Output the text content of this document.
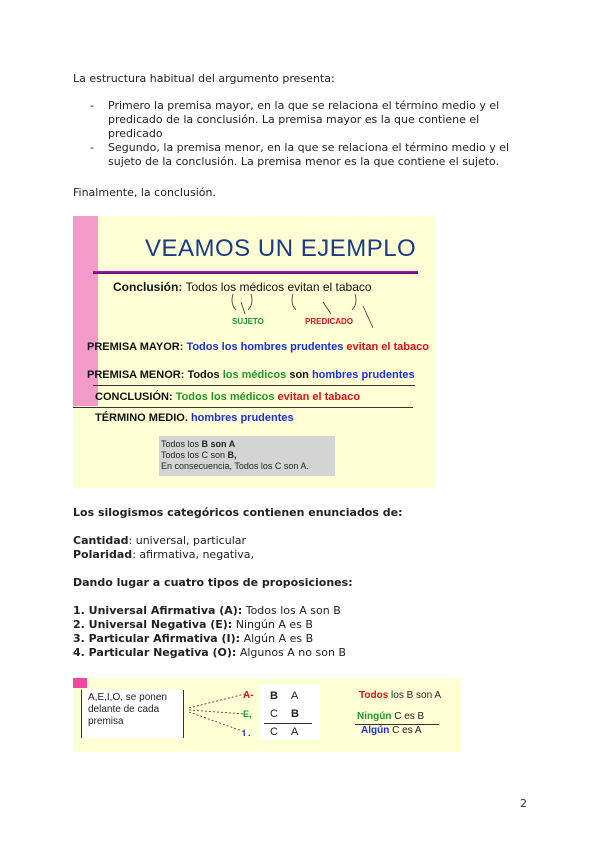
La estructura habitual del argumento presenta:
- Primero la premisa mayor, en la que se relaciona el término medio y el predicado de la conclusión. La premisa mayor es la que contiene el predicado
- Segundo, la premisa menor, en la que se relaciona el término medio y el sujeto de la conclusión. La premisa menor es la que contiene el sujeto.
Finalmente, la conclusión.
VEAMOS UN EJEMPLO
Conclusión: Todos los médicos evitan el tabaco
SUJETO	PREDICADO
PREMISA MAYOR: Todos los hombres prudentes evitan el tabaco
PREMISA MENOR: Todos los médicos son hombres prudentes
CONCLUSIÓN: Todos los médicos evitan el tabaco
TÉRMINO MEDIO. hombres prudentes
Todos los B son A
Todos los C son B,
En consecuencia, Todos los C son A.
Los silogismos categóricos contienen enunciados de:
Cantidad: universal, particular
Polaridad: afirmativa, negativa,
Dando lugar a cuatro tipos de proposiciones:
1. Universal Afirmativa (A): Todos los A son B
2. Universal Negativa (E): Ningún A es B
3. Particular Afirmativa (I): Algún A es B
4. Particular Negativa (O): Algunos A no son B
A,E,I,O, se ponen delante de cada premisa
A-
E,
I .
B A
C B
C A
Todos los B son A
Ningún C es B
Algún C es A
2
